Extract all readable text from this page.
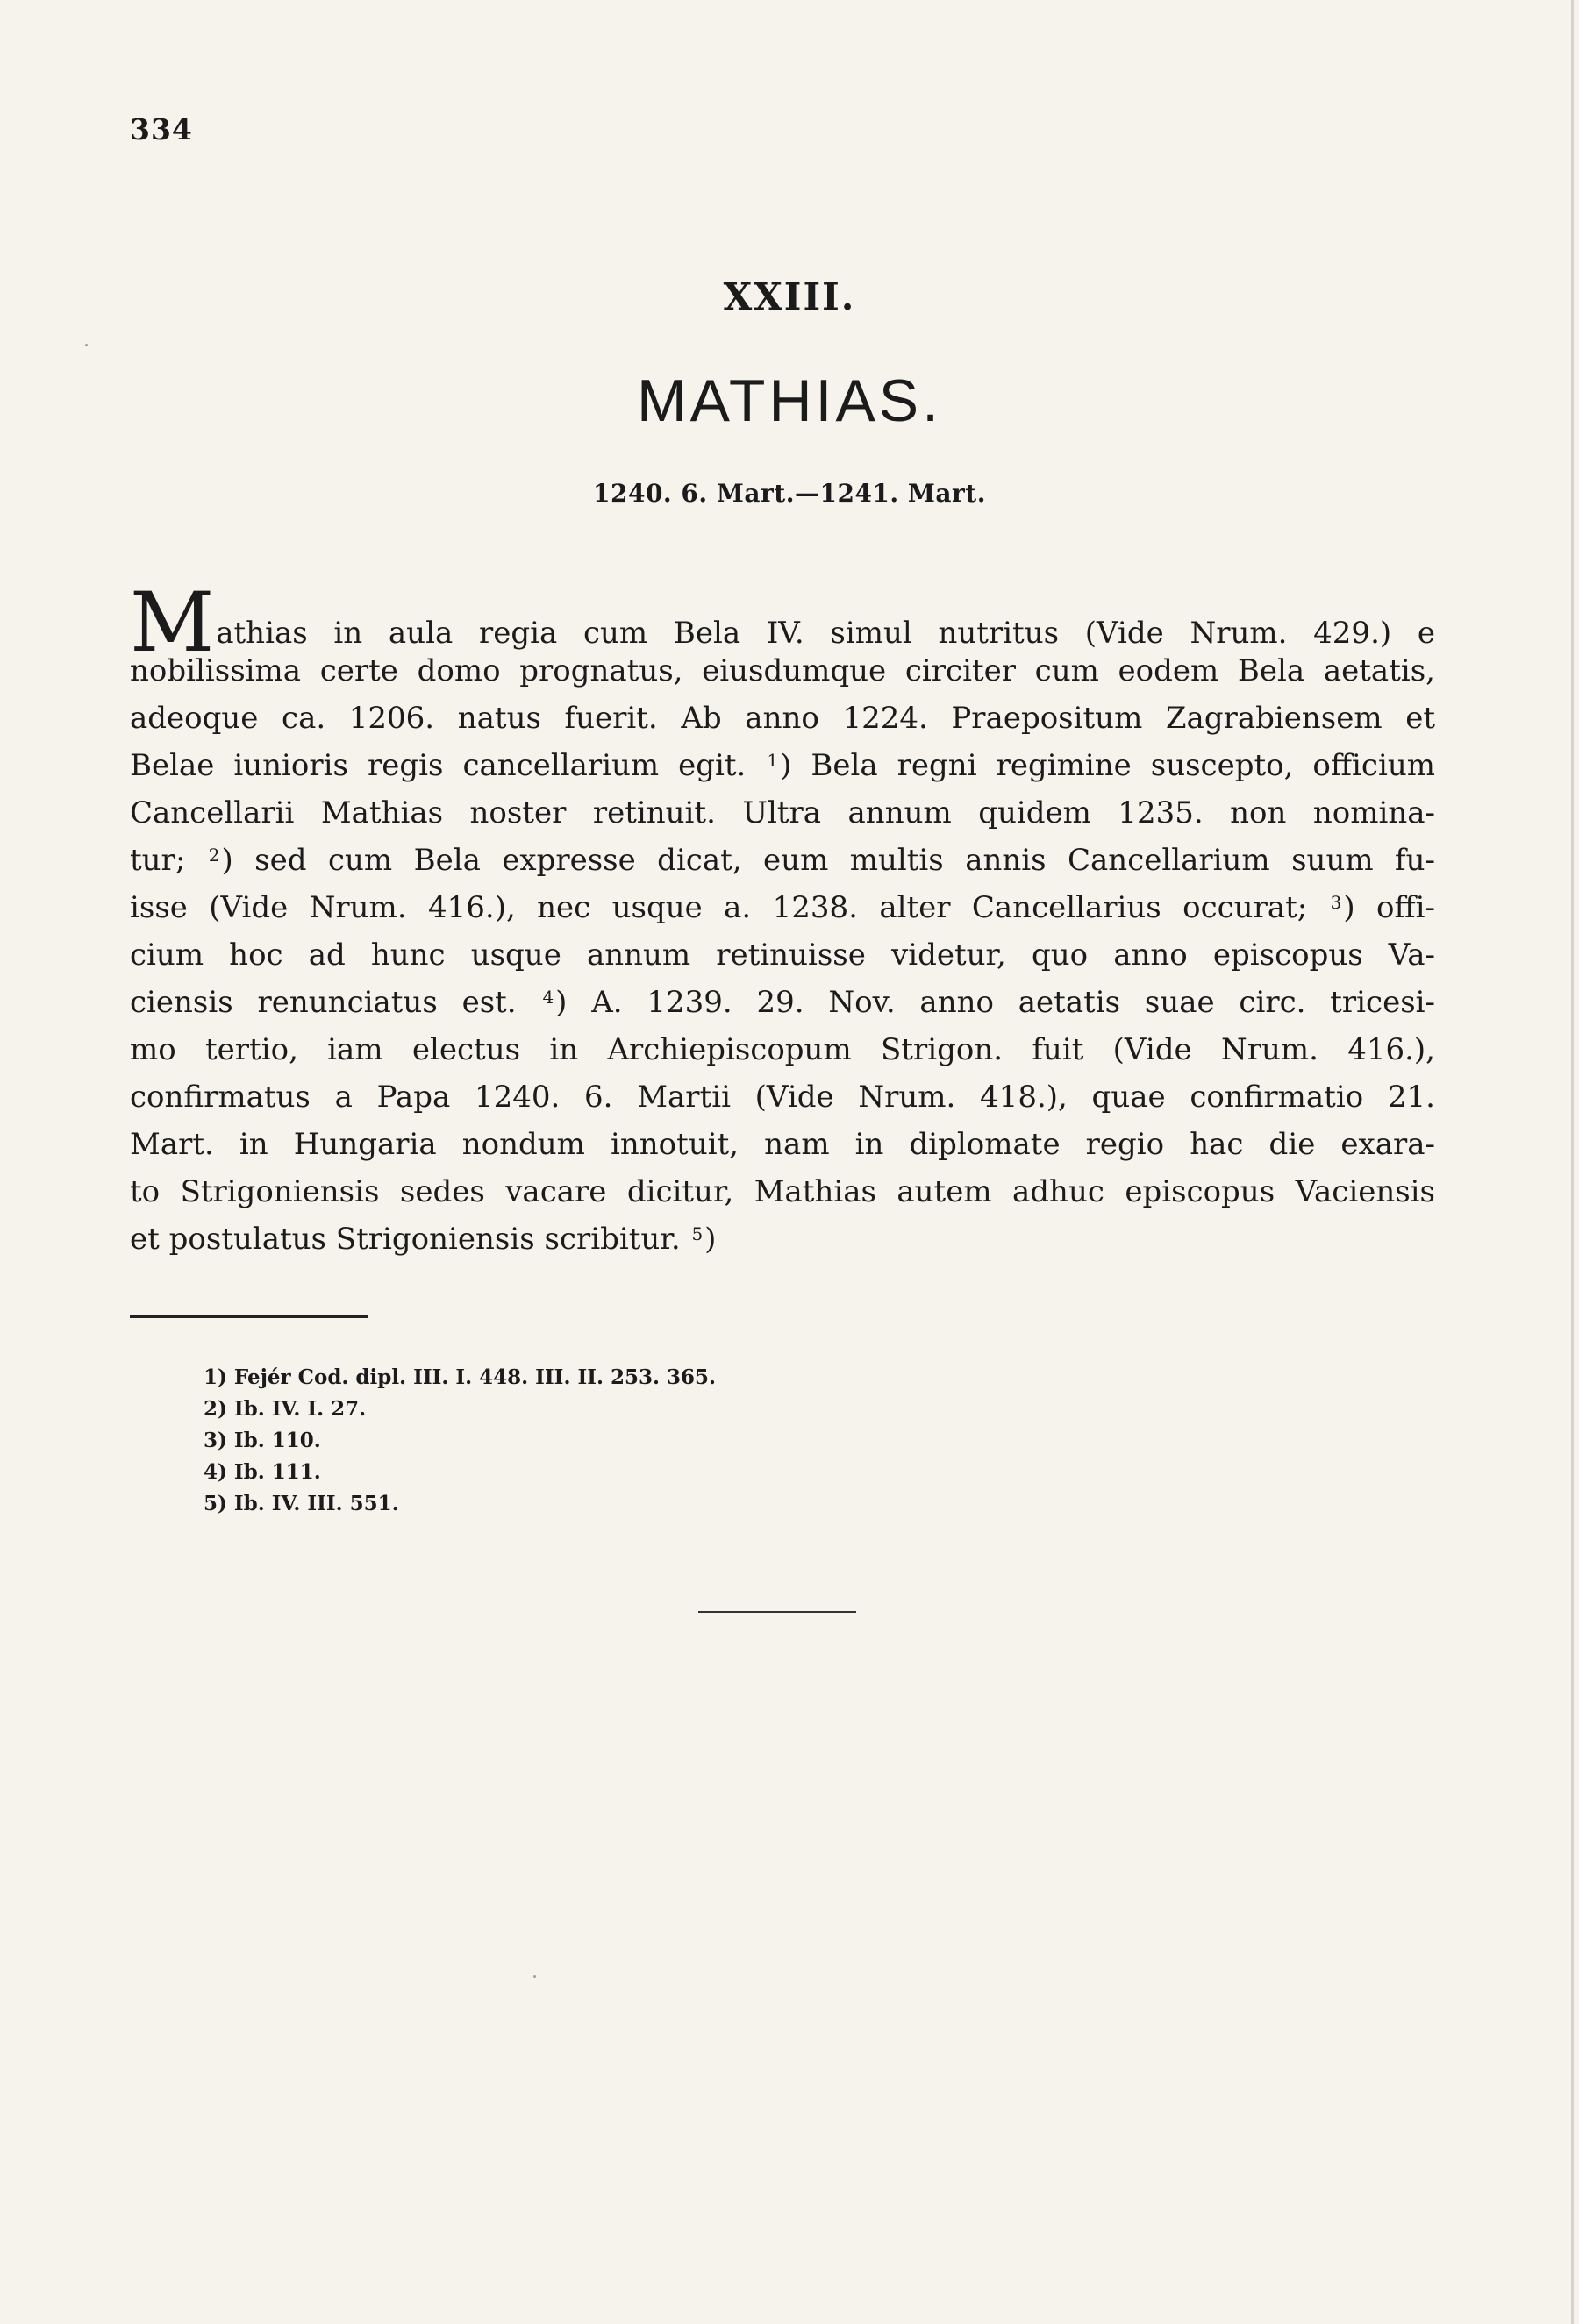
334
XXIII.
MATHIAS.
1240. 6. Mart.—1241. Mart.
Mathias in aula regia cum Bela IV. simul nutritus (Vide Nrum. 429.) e
nobilissima certe domo prognatus, eiusdumque circiter cum eodem Bela aetatis,
adeoque ca. 1206. natus fuerit. Ab anno 1224. Praepositum Zagrabiensem et
Belae iunioris regis cancellarium egit. $^1$) Bela regni regimine suscepto, officium
Cancellarii Mathias noster retinuit. Ultra annum quidem 1235. non nomina-
tur; $^2$) sed cum Bela expresse dicat, eum multis annis Cancellarium suum fu-
isse (Vide Nrum. 416.), nec usque a. 1238. alter Cancellarius occurat; $^3$) offi-
cium hoc ad hunc usque annum retinuisse videtur, quo anno episcopus Va-
ciensis renunciatus est. $^4$) A. 1239. 29. Nov. anno aetatis suae circ. tricesi-
mo tertio, iam electus in Archiepiscopum Strigon. fuit (Vide Nrum. 416.),
confirmatus a Papa 1240. 6. Martii (Vide Nrum. 418.), quae confirmatio 21.
Mart. in Hungaria nondum innotuit, nam in diplomate regio hac die exara-
to Strigoniensis sedes vacare dicitur, Mathias autem adhuc episcopus Vaciensis
et postulatus Strigoniensis scribitur. $^5$)
1) Fejér Cod. dipl. III. I. 448. III. II. 253. 365.
2) Ib. IV. I. 27.
3) Ib. 110.
4) Ib. 111.
5) Ib. IV. III. 551.
